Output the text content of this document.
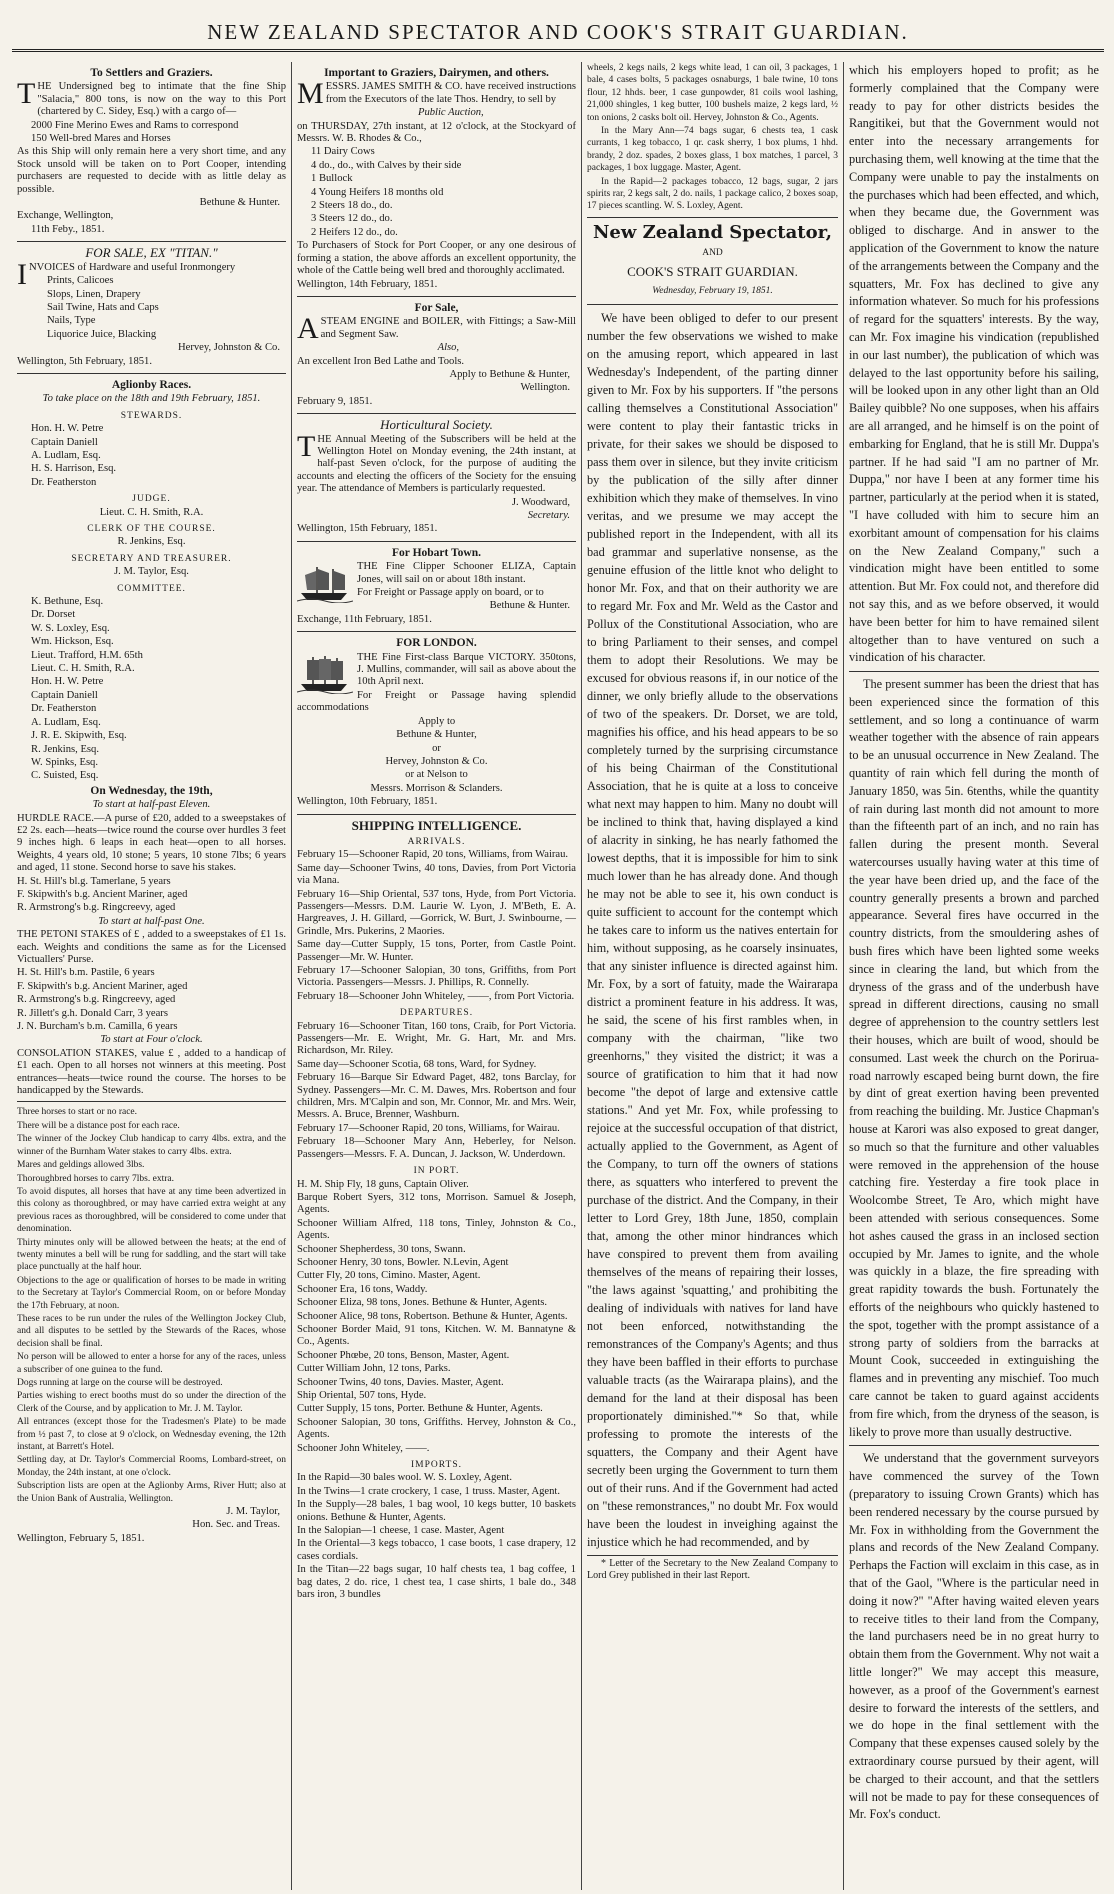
NEW ZEALAND SPECTATOR AND COOK'S STRAIT GUARDIAN.
To Settlers and Graziers.

THE Undersigned beg to intimate that the fine Ship "Salacia," 800 tons, is now on the way to this Port (chartered by C. Sidey, Esq.) with a cargo of—

2000 Fine Merino Ewes and Rams to correspond

150 Well-bred Mares and Horses

As this Ship will only remain here a very short time, and any Stock unsold will be taken on to Port Cooper, intending purchasers are requested to decide with as little delay as possible.

Bethune & Hunter.

Exchange, Wellington,

11th Feby., 1851.

FOR SALE, EX "TITAN."

INVOICES of Hardware and useful Ironmongery

Prints, Calicoes

Slops, Linen, Drapery

Sail Twine, Hats and Caps

Nails, Type

Liquorice Juice, Blacking

Hervey, Johnston & Co.

Wellington, 5th February, 1851.

Aglionby Races.

To take place on the 18th and 19th February, 1851.

STEWARDS.

Hon. H. W. Petre

Captain Daniell

A. Ludlam, Esq.

H. S. Harrison, Esq.

Dr. Featherston

JUDGE.

Lieut. C. H. Smith, R.A.

CLERK OF THE COURSE.

R. Jenkins, Esq.

SECRETARY AND TREASURER.

J. M. Taylor, Esq.

COMMITTEE.

K. Bethune, Esq.

Dr. Dorset

W. S. Loxley, Esq.

Wm. Hickson, Esq.

Lieut. Trafford, H.M. 65th

Lieut. C. H. Smith, R.A.

Hon. H. W. Petre

Captain Daniell

Dr. Featherston

A. Ludlam, Esq.

J. R. E. Skipwith, Esq.

R. Jenkins, Esq.

W. Spinks, Esq.

C. Suisted, Esq.

On Wednesday, the 19th,

To start at half-past Eleven.

HURDLE RACE.—A purse of £20, added to a sweepstakes of £2 2s. each—heats—twice round the course over hurdles 3 feet 9 inches high. 6 leaps in each heat—open to all horses. Weights, 4 years old, 10 stone; 5 years, 10 stone 7lbs; 6 years and aged, 11 stone. Second horse to save his stakes.

H. St. Hill's bl.g. Tamerlane, 5 years

F. Skipwith's b.g. Ancient Mariner, aged

R. Armstrong's b.g. Ringcreevy, aged

To start at half-past One.

THE PETONI STAKES of £ , added to a sweepstakes of £1 1s. each. Weights and conditions the same as for the Licensed Victuallers' Purse.

H. St. Hill's b.m. Pastile, 6 years

F. Skipwith's b.g. Ancient Mariner, aged

R. Armstrong's b.g. Ringcreevy, aged

R. Jillett's g.h. Donald Carr, 3 years

J. N. Burcham's b.m. Camilla, 6 years

To start at Four o'clock.

CONSOLATION STAKES, value £ , added to a handicap of £1 each. Open to all horses not winners at this meeting. Post entrances—heats—twice round the course. The horses to be handicapped by the Stewards.

Three horses to start or no race.

There will be a distance post for each race.

The winner of the Jockey Club handicap to carry 4lbs. extra, and the winner of the Burnham Water stakes to carry 4lbs. extra.

Mares and geldings allowed 3lbs.

Thoroughbred horses to carry 7lbs. extra.

To avoid disputes, all horses that have at any time been advertized in this colony as thoroughbred, or may have carried extra weight at any previous races as thoroughbred, will be considered to come under that denomination.

Thirty minutes only will be allowed between the heats; at the end of twenty minutes a bell will be rung for saddling, and the start will take place punctually at the half hour.

Objections to the age or qualification of horses to be made in writing to the Secretary at Taylor's Commercial Room, on or before Monday the 17th February, at noon.

These races to be run under the rules of the Wellington Jockey Club, and all disputes to be settled by the Stewards of the Races, whose decision shall be final.

No person will be allowed to enter a horse for any of the races, unless a subscriber of one guinea to the fund.

Dogs running at large on the course will be destroyed.

Parties wishing to erect booths must do so under the direction of the Clerk of the Course, and by application to Mr. J. M. Taylor.

All entrances (except those for the Tradesmen's Plate) to be made from ½ past 7, to close at 9 o'clock, on Wednesday evening, the 12th instant, at Barrett's Hotel.

Settling day, at Dr. Taylor's Commercial Rooms, Lombard-street, on Monday, the 24th instant, at one o'clock.

Subscription lists are open at the Aglionby Arms, River Hutt; also at the Union Bank of Australia, Wellington.

J. M. Taylor,

Hon. Sec. and Treas.

Wellington, February 5, 1851.

Important to Graziers, Dairymen, and others.

MESSRS. JAMES SMITH & CO. have received instructions from the Executors of the late Thos. Hendry, to sell by

Public Auction,

on THURSDAY, 27th instant, at 12 o'clock, at the Stockyard of Messrs. W. B. Rhodes & Co.,

11 Dairy Cows

4 do., do., with Calves by their side

1 Bullock

4 Young Heifers 18 months old

2 Steers 18 do., do.

3 Steers 12 do., do.

2 Heifers 12 do., do.

To Purchasers of Stock for Port Cooper, or any one desirous of forming a station, the above affords an excellent opportunity, the whole of the Cattle being well bred and thoroughly acclimated.

Wellington, 14th February, 1851.

For Sale,

ASTEAM ENGINE and BOILER, with Fittings; a Saw-Mill and Segment Saw.

Also,

An excellent Iron Bed Lathe and Tools.

Apply to Bethune & Hunter,

Wellington.

February 9, 1851.

Horticultural Society.

THE Annual Meeting of the Subscribers will be held at the Wellington Hotel on Monday evening, the 24th instant, at half-past Seven o'clock, for the purpose of auditing the accounts and electing the officers of the Society for the ensuing year. The attendance of Members is particularly requested.

J. Woodward,

Secretary.

Wellington, 15th February, 1851.

For Hobart Town.

THE Fine Clipper Schooner ELIZA, Captain Jones, will sail on or about 18th instant.

For Freight or Passage apply on board, or to

Bethune & Hunter.

Exchange, 11th February, 1851.

FOR LONDON.

THE Fine First-class Barque VICTORY. 350tons, J. Mullins, commander, will sail as above about the 10th April next.

For Freight or Passage having splendid accommodations

Apply to

Bethune & Hunter,

or

Hervey, Johnston & Co.

or at Nelson to

Messrs. Morrison & Sclanders.

Wellington, 10th February, 1851.

SHIPPING INTELLIGENCE.
ARRIVALS.

February 15—Schooner Rapid, 20 tons, Williams, from Wairau.

Same day—Schooner Twins, 40 tons, Davies, from Port Victoria via Mana.

February 16—Ship Oriental, 537 tons, Hyde, from Port Victoria. Passengers—Messrs. D.M. Laurie W. Lyon, J. M'Beth, E. A. Hargreaves, J. H. Gillard, —Gorrick, W. Burt, J. Swinbourne, — Grindle, Mrs. Pukerins, 2 Maories.

Same day—Cutter Supply, 15 tons, Porter, from Castle Point. Passenger—Mr. W. Hunter.

February 17—Schooner Salopian, 30 tons, Griffiths, from Port Victoria. Passengers—Messrs. J. Phillips, R. Connelly.

February 18—Schooner John Whiteley, ——, from Port Victoria.

DEPARTURES.

February 16—Schooner Titan, 160 tons, Craib, for Port Victoria. Passengers—Mr. E. Wright, Mr. G. Hart, Mr. and Mrs. Richardson, Mr. Riley.

Same day—Schooner Scotia, 68 tons, Ward, for Sydney.

February 16—Barque Sir Edward Paget, 482, tons Barclay, for Sydney. Passengers—Mr. C. M. Dawes, Mrs. Robertson and four children, Mrs. M'Calpin and son, Mr. Connor, Mr. and Mrs. Weir, Messrs. A. Bruce, Brenner, Washburn.

February 17—Schooner Rapid, 20 tons, Williams, for Wairau.

February 18—Schooner Mary Ann, Heberley, for Nelson. Passengers—Messrs. F. A. Duncan, J. Jackson, W. Underdown.

IN PORT.

H. M. Ship Fly, 18 guns, Captain Oliver.

Barque Robert Syers, 312 tons, Morrison. Samuel & Joseph, Agents.

Schooner William Alfred, 118 tons, Tinley, Johnston & Co., Agents.

Schooner Shepherdess, 30 tons, Swann.

Schooner Henry, 30 tons, Bowler. N.Levin, Agent

Cutter Fly, 20 tons, Cimino. Master, Agent.

Schooner Era, 16 tons, Waddy.

Schooner Eliza, 98 tons, Jones. Bethune & Hunter, Agents.

Schooner Alice, 98 tons, Robertson. Bethune & Hunter, Agents.

Schooner Border Maid, 91 tons, Kitchen. W. M. Bannatyne & Co., Agents.

Schooner Phœbe, 20 tons, Benson, Master, Agent.

Cutter William John, 12 tons, Parks.

Schooner Twins, 40 tons, Davies. Master, Agent.

Ship Oriental, 507 tons, Hyde.

Cutter Supply, 15 tons, Porter. Bethune & Hunter, Agents.

Schooner Salopian, 30 tons, Griffiths. Hervey, Johnston & Co., Agents.

Schooner John Whiteley, ——.

IMPORTS.

In the Rapid—30 bales wool. W. S. Loxley, Agent.

In the Twins—1 crate crockery, 1 case, 1 truss. Master, Agent.

In the Supply—28 bales, 1 bag wool, 10 kegs butter, 10 baskets onions. Bethune & Hunter, Agents.

In the Salopian—1 cheese, 1 case. Master, Agent

In the Oriental—3 kegs tobacco, 1 case boots, 1 case drapery, 12 cases cordials.

In the Titan—22 bags sugar, 10 half chests tea, 1 bag coffee, 1 bag dates, 2 do. rice, 1 chest tea, 1 case shirts, 1 bale do., 348 bars iron, 3 bundles

wheels, 2 kegs nails, 2 kegs white lead, 1 can oil, 3 packages, 1 bale, 4 cases bolts, 5 packages osnaburgs, 1 bale twine, 10 tons flour, 12 hhds. beer, 1 case gunpowder, 81 coils wool lashing, 21,000 shingles, 1 keg butter, 100 bushels maize, 2 kegs lard, ½ ton onions, 2 casks bolt oil. Hervey, Johnston & Co., Agents.

In the Mary Ann—74 bags sugar, 6 chests tea, 1 cask currants, 1 keg tobacco, 1 qr. cask sherry, 1 box plums, 1 hhd. brandy, 2 doz. spades, 2 boxes glass, 1 box matches, 1 parcel, 3 packages, 1 box luggage. Master, Agent.

In the Rapid—2 packages tobacco, 12 bags, sugar, 2 jars spirits rar, 2 kegs salt, 2 do. nails, 1 package calico, 2 boxes soap, 17 pieces scantling. W. S. Loxley, Agent.

New Zealand Spectator,

AND

COOK'S STRAIT GUARDIAN.

Wednesday, February 19, 1851.

We have been obliged to defer to our present number the few observations we wished to make on the amusing report, which appeared in last Wednesday's Independent, of the parting dinner given to Mr. Fox by his supporters. If "the persons calling themselves a Constitutional Association" were content to play their fantastic tricks in private, for their sakes we should be disposed to pass them over in silence, but they invite criticism by the publication of the silly after dinner exhibition which they make of themselves. In vino veritas, and we presume we may accept the published report in the Independent, with all its bad grammar and superlative nonsense, as the genuine effusion of the little knot who delight to honor Mr. Fox, and that on their authority we are to regard Mr. Fox and Mr. Weld as the Castor and Pollux of the Constitutional Association, who are to bring Parliament to their senses, and compel them to adopt their Resolutions. We may be excused for obvious reasons if, in our notice of the dinner, we only briefly allude to the observations of two of the speakers. Dr. Dorset, we are told, magnifies his office, and his head appears to be so completely turned by the surprising circumstance of his being Chairman of the Constitutional Association, that he is quite at a loss to conceive what next may happen to him. Many no doubt will be inclined to think that, having displayed a kind of alacrity in sinking, he has nearly fathomed the lowest depths, that it is impossible for him to sink much lower than he has already done. And though he may not be able to see it, his own conduct is quite sufficient to account for the contempt which he takes care to inform us the natives entertain for him, without supposing, as he coarsely insinuates, that any sinister influence is directed against him. Mr. Fox, by a sort of fatuity, made the Wairarapa district a prominent feature in his address. It was, he said, the scene of his first rambles when, in company with the chairman, "like two greenhorns," they visited the district; it was a source of gratification to him that it had now become "the depot of large and extensive cattle stations." And yet Mr. Fox, while professing to rejoice at the successful occupation of that district, actually applied to the Government, as Agent of the Company, to turn off the owners of stations there, as squatters who interfered to prevent the purchase of the district. And the Company, in their letter to Lord Grey, 18th June, 1850, complain that, among the other minor hindrances which have conspired to prevent them from availing themselves of the means of repairing their losses, "the laws against 'squatting,' and prohibiting the dealing of individuals with natives for land have not been enforced, notwithstanding the remonstrances of the Company's Agents; and thus they have been baffled in their efforts to purchase valuable tracts (as the Wairarapa plains), and the demand for the land at their disposal has been proportionately diminished."* So that, while professing to promote the interests of the squatters, the Company and their Agent have secretly been urging the Government to turn them out of their runs. And if the Government had acted on "these remonstrances," no doubt Mr. Fox would have been the loudest in inveighing against the injustice which he had recommended, and by

* Letter of the Secretary to the New Zealand Company to Lord Grey published in their last Report.

which his employers hoped to profit; as he formerly complained that the Company were ready to pay for other districts besides the Rangitikei, but that the Government would not enter into the necessary arrangements for purchasing them, well knowing at the time that the Company were unable to pay the instalments on the purchases which had been effected, and which, when they became due, the Government was obliged to discharge. And in answer to the application of the Government to know the nature of the arrangements between the Company and the squatters, Mr. Fox has declined to give any information whatever. So much for his professions of regard for the squatters' interests. By the way, can Mr. Fox imagine his vindication (republished in our last number), the publication of which was delayed to the last opportunity before his sailing, will be looked upon in any other light than an Old Bailey quibble? No one supposes, when his affairs are all arranged, and he himself is on the point of embarking for England, that he is still Mr. Duppa's partner. If he had said "I am no partner of Mr. Duppa," nor have I been at any former time his partner, particularly at the period when it is stated, "I have colluded with him to secure him an exorbitant amount of compensation for his claims on the New Zealand Company," such a vindication might have been entitled to some attention. But Mr. Fox could not, and therefore did not say this, and as we before observed, it would have been better for him to have remained silent altogether than to have ventured on such a vindication of his character.

The present summer has been the driest that has been experienced since the formation of this settlement, and so long a continuance of warm weather together with the absence of rain appears to be an unusual occurrence in New Zealand. The quantity of rain which fell during the month of January 1850, was 5in. 6tenths, while the quantity of rain during last month did not amount to more than the fifteenth part of an inch, and no rain has fallen during the present month. Several watercourses usually having water at this time of the year have been dried up, and the face of the country generally presents a brown and parched appearance. Several fires have occurred in the country districts, from the smouldering ashes of bush fires which have been lighted some weeks since in clearing the land, but which from the dryness of the grass and of the underbush have spread in different directions, causing no small degree of apprehension to the country settlers lest their houses, which are built of wood, should be consumed. Last week the church on the Porirua-road narrowly escaped being burnt down, the fire by dint of great exertion having been prevented from reaching the building. Mr. Justice Chapman's house at Karori was also exposed to great danger, so much so that the furniture and other valuables were removed in the apprehension of the house catching fire. Yesterday a fire took place in Woolcombe Street, Te Aro, which might have been attended with serious consequences. Some hot ashes caused the grass in an inclosed section occupied by Mr. James to ignite, and the whole was quickly in a blaze, the fire spreading with great rapidity towards the bush. Fortunately the efforts of the neighbours who quickly hastened to the spot, together with the prompt assistance of a strong party of soldiers from the barracks at Mount Cook, succeeded in extinguishing the flames and in preventing any mischief. Too much care cannot be taken to guard against accidents from fire which, from the dryness of the season, is likely to prove more than usually destructive.

We understand that the government surveyors have commenced the survey of the Town (preparatory to issuing Crown Grants) which has been rendered necessary by the course pursued by Mr. Fox in withholding from the Government the plans and records of the New Zealand Company. Perhaps the Faction will exclaim in this case, as in that of the Gaol, "Where is the particular need in doing it now?" "After having waited eleven years to receive titles to their land from the Company, the land purchasers need be in no great hurry to obtain them from the Government. Why not wait a little longer?" We may accept this measure, however, as a proof of the Government's earnest desire to forward the interests of the settlers, and we do hope in the final settlement with the Company that these expenses caused solely by the extraordinary course pursued by their agent, will be charged to their account, and that the settlers will not be made to pay for these consequences of Mr. Fox's conduct.
